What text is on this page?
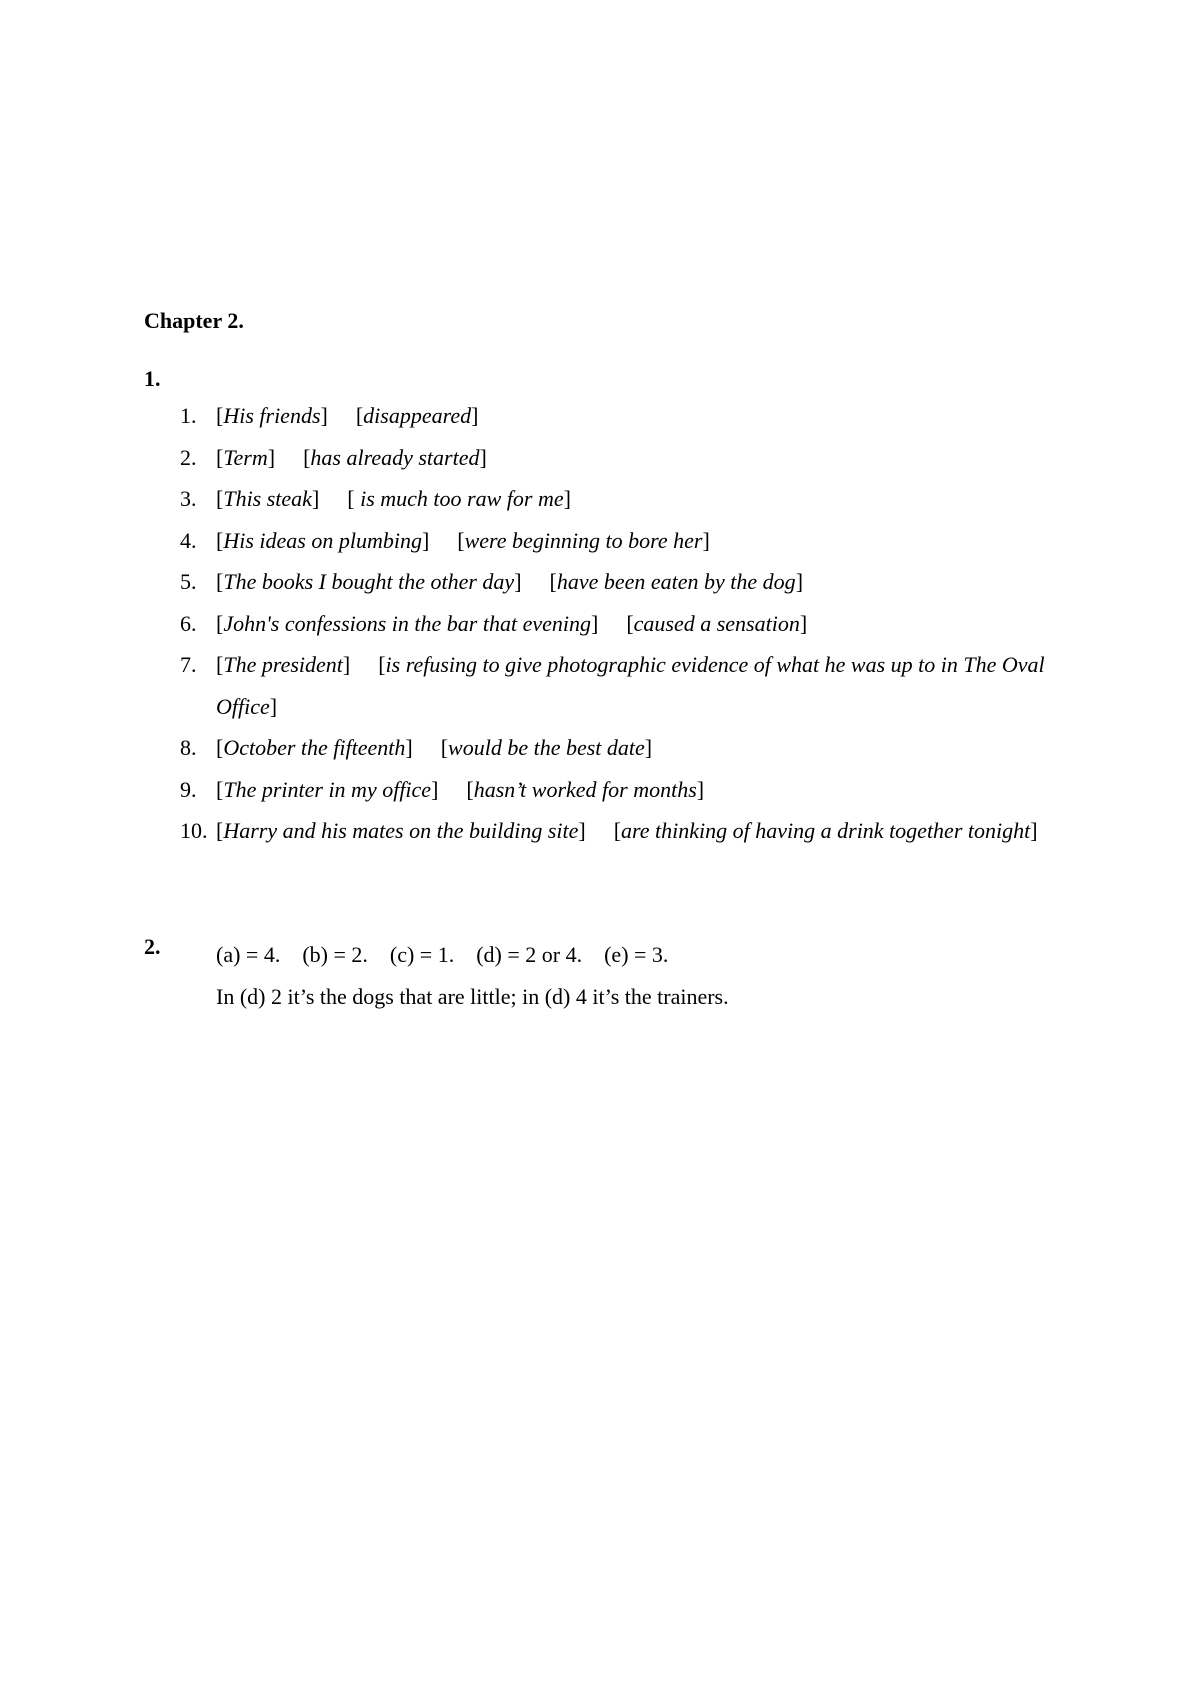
Chapter 2.
1.
1. [His friends] [disappeared]
2. [Term] [has already started]
3. [This steak] [ is much too raw for me]
4. [His ideas on plumbing] [were beginning to bore her]
5. [The books I bought the other day] [have been eaten by the dog]
6. [John's confessions in the bar that evening] [caused a sensation]
7. [The president] [is refusing to give photographic evidence of what he was up to in The Oval Office]
8. [October the fifteenth] [would be the best date]
9. [The printer in my office] [hasn’t worked for months]
10. [Harry and his mates on the building site] [are thinking of having a drink together tonight]
2.	(a) = 4. (b) = 2. (c) = 1. (d) = 2 or 4. (e) = 3.
In (d) 2 it’s the dogs that are little; in (d) 4 it’s the trainers.
